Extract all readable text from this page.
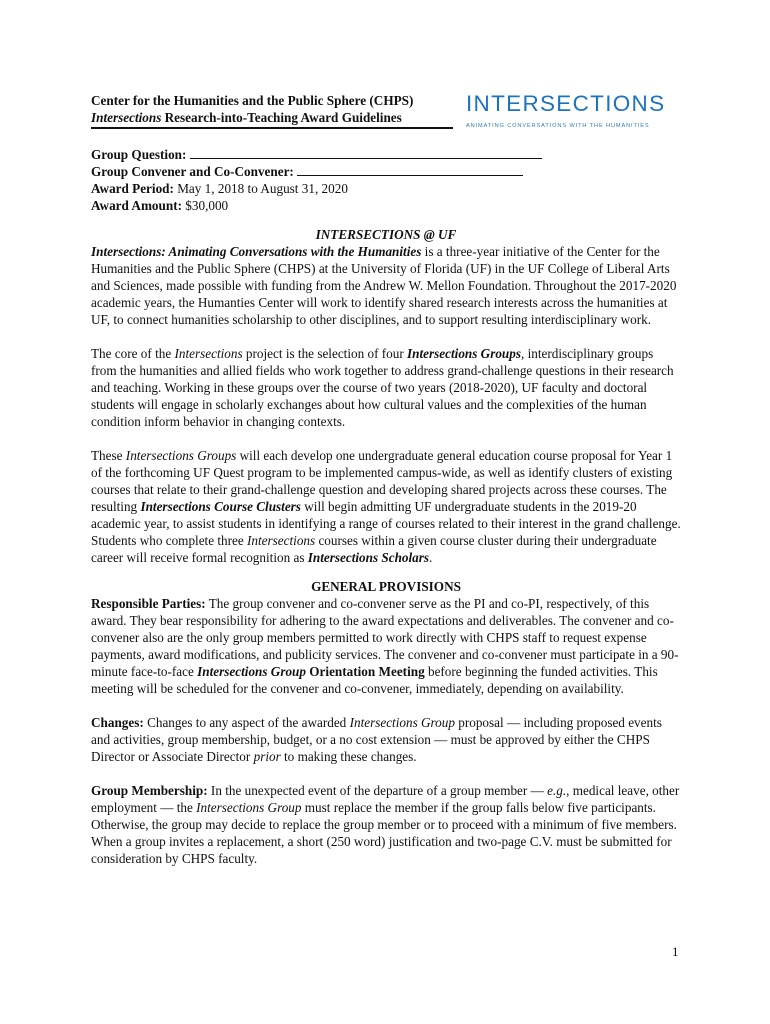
Center for the Humanities and the Public Sphere (CHPS)
Intersections Research-into-Teaching Award Guidelines
INTERSECTIONS
ANIMATING CONVERSATIONS WITH THE HUMANITIES
Group Question:
Group Convener and Co-Convener:
Award Period: May 1, 2018 to August 31, 2020
Award Amount: $30,000
INTERSECTIONS @ UF

Intersections: Animating Conversations with the Humanities is a three-year initiative of the Center for the Humanities and the Public Sphere (CHPS) at the University of Florida (UF) in the UF College of Liberal Arts and Sciences, made possible with funding from the Andrew W. Mellon Foundation. Throughout the 2017-2020 academic years, the Humanties Center will work to identify shared research interests across the humanities at UF, to connect humanities scholarship to other disciplines, and to support resulting interdisciplinary work.

The core of the Intersections project is the selection of four Intersections Groups, interdisciplinary groups from the humanities and allied fields who work together to address grand-challenge questions in their research and teaching. Working in these groups over the course of two years (2018-2020), UF faculty and doctoral students will engage in scholarly exchanges about how cultural values and the complexities of the human condition inform behavior in changing contexts.

These Intersections Groups will each develop one undergraduate general education course proposal for Year 1 of the forthcoming UF Quest program to be implemented campus-wide, as well as identify clusters of existing courses that relate to their grand-challenge question and developing shared projects across these courses. The resulting Intersections Course Clusters will begin admitting UF undergraduate students in the 2019-20 academic year, to assist students in identifying a range of courses related to their interest in the grand challenge. Students who complete three Intersections courses within a given course cluster during their undergraduate career will receive formal recognition as Intersections Scholars.

GENERAL PROVISIONS

Responsible Parties: The group convener and co-convener serve as the PI and co-PI, respectively, of this award. They bear responsibility for adhering to the award expectations and deliverables. The convener and co-convener also are the only group members permitted to work directly with CHPS staff to request expense payments, award modifications, and publicity services. The convener and co-convener must participate in a 90-minute face-to-face Intersections Group Orientation Meeting before beginning the funded activities. This meeting will be scheduled for the convener and co-convener, immediately, depending on availability.

Changes: Changes to any aspect of the awarded Intersections Group proposal — including proposed events and activities, group membership, budget, or a no cost extension — must be approved by either the CHPS Director or Associate Director prior to making these changes.

Group Membership: In the unexpected event of the departure of a group member — e.g., medical leave, other employment — the Intersections Group must replace the member if the group falls below five participants. Otherwise, the group may decide to replace the group member or to proceed with a minimum of five members. When a group invites a replacement, a short (250 word) justification and two-page C.V. must be submitted for consideration by CHPS faculty.

1
